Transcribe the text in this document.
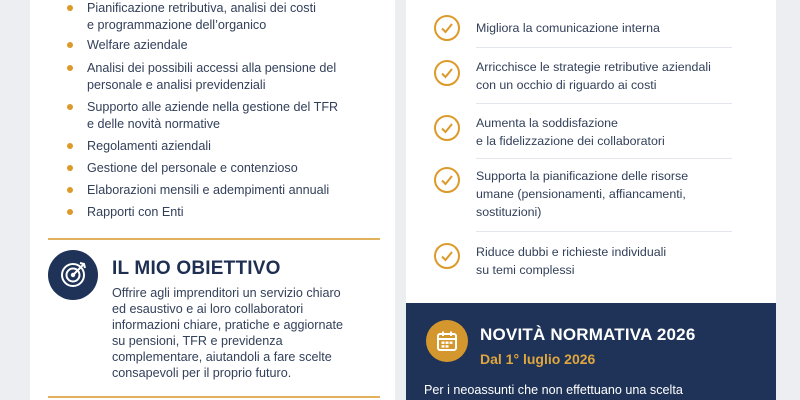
Pianificazione retributiva, analisi dei costi
e programmazione dell’organico
Welfare aziendale
Analisi dei possibili accessi alla pensione del
personale e analisi previdenziali
Supporto alle aziende nella gestione del TFR
e delle novità normative
Regolamenti aziendali
Gestione del personale e contenzioso
Elaborazioni mensili e adempimenti annuali
Rapporti con Enti
IL MIO OBIETTIVO
Offrire agli imprenditori un servizio chiaro
ed esaustivo e ai loro collaboratori
informazioni chiare, pratiche e aggiornate
su pensioni, TFR e previdenza
complementare, aiutandoli a fare scelte
consapevoli per il proprio futuro.
Migliora la comunicazione interna
Arricchisce le strategie retributive aziendali
con un occhio di riguardo ai costi
Aumenta la soddisfazione
e la fidelizzazione dei collaboratori
Supporta la pianificazione delle risorse
umane (pensionamenti, affiancamenti,
sostituzioni)
Riduce dubbi e richieste individuali
su temi complessi
NOVITÀ NORMATIVA 2026
Dal 1° luglio 2026
Per i neoassunti che non effettuano una scelta
